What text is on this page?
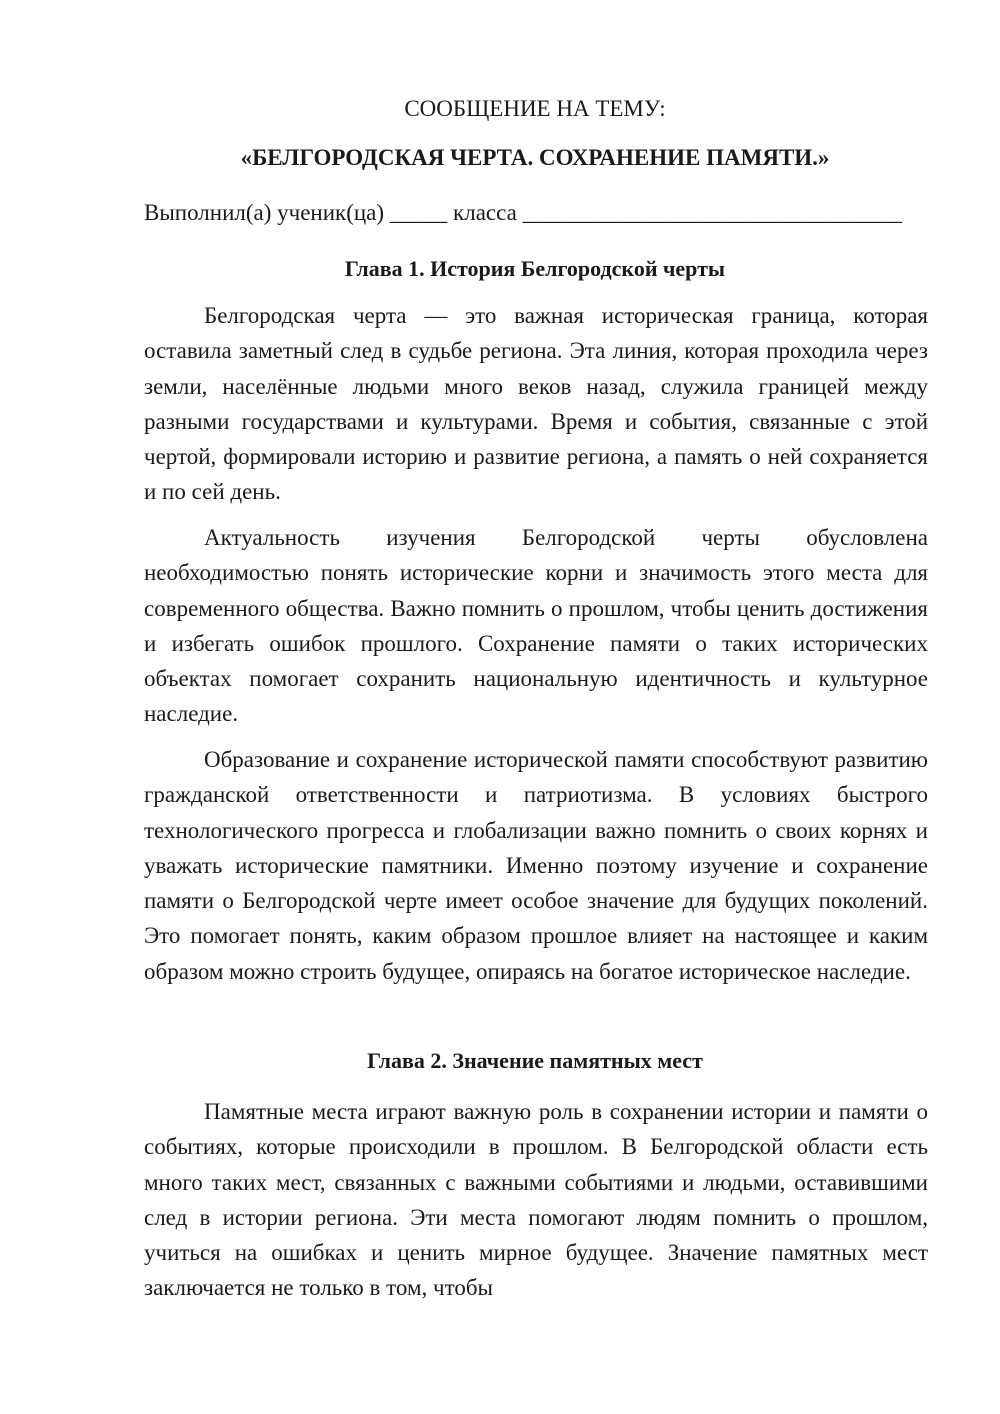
СООБЩЕНИЕ НА ТЕМУ:
«БЕЛГОРОДСКАЯ ЧЕРТА. СОХРАНЕНИЕ ПАМЯТИ.»
Выполнил(а) ученик(ца) _____ класса _________________________________
Глава 1. История Белгородской черты

Белгородская черта — это важная историческая граница, которая оставила заметный след в судьбе региона. Эта линия, которая проходила через земли, населённые людьми много веков назад, служила границей между разными государствами и культурами. Время и события, связанные с этой чертой, формировали историю и развитие региона, а память о ней сохраняется и по сей день.

Актуальность изучения Белгородской черты обусловлена необходимостью понять исторические корни и значимость этого места для современного общества. Важно помнить о прошлом, чтобы ценить достижения и избегать ошибок прошлого. Сохранение памяти о таких исторических объектах помогает сохранить национальную идентичность и культурное наследие.

Образование и сохранение исторической памяти способствуют развитию гражданской ответственности и патриотизма. В условиях быстрого технологического прогресса и глобализации важно помнить о своих корнях и уважать исторические памятники. Именно поэтому изучение и сохранение памяти о Белгородской черте имеет особое значение для будущих поколений. Это помогает понять, каким образом прошлое влияет на настоящее и каким образом можно строить будущее, опираясь на богатое историческое наследие.

Глава 2. Значение памятных мест

Памятные места играют важную роль в сохранении истории и памяти о событиях, которые происходили в прошлом. В Белгородской области есть много таких мест, связанных с важными событиями и людьми, оставившими след в истории региона. Эти места помогают людям помнить о прошлом, учиться на ошибках и ценить мирное будущее. Значение памятных мест заключается не только в том, чтобы
